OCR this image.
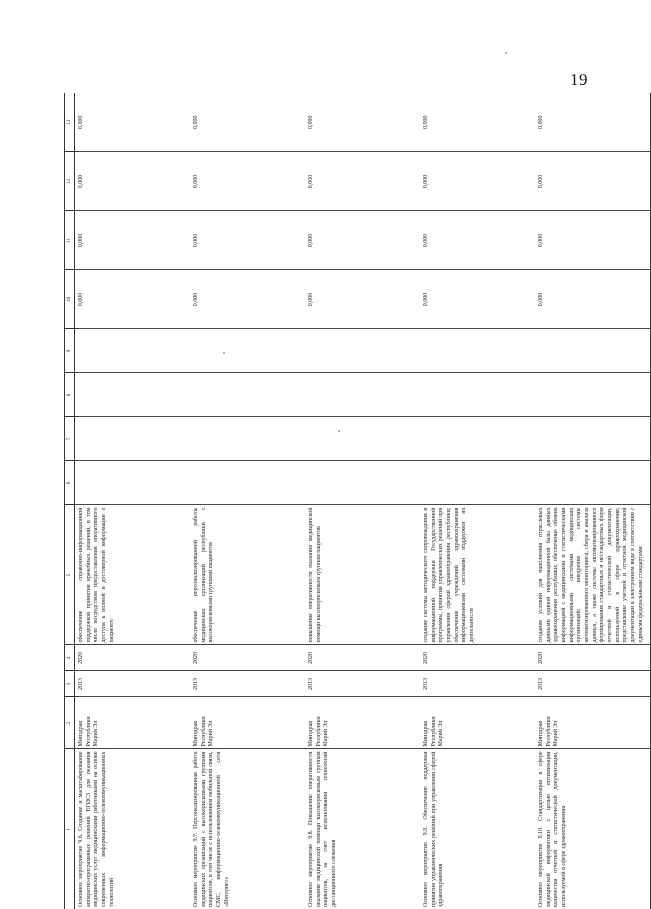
19
1	2	3	4	5	6	7	8	9	10	11	12	13
Основное мероприятие 9.6. Создание и масштабирование аппаратно-программных решений ЕГИСЗ для оказания медицинских услуг медицинскими работниками на основе современных информационно-телекоммуникационных технологий	Минздрав Республики Марий Эл	2013	2020	обеспечение справочно-информационной поддержкой принятия врачебных решений, в том числе посредством предоставления оперативного доступа к полной и достоверной информации о пациенте					0,000	0,000	0,000	0,000
Основное мероприятие 9.7. Персонализированная работа медицинских организаций с высокорисковыми группами пациентов, в том числе с использованием мобильной связи, СМС, информационно-телекоммуникационной сети «Интернет»	Минздрав Республики Марий Эл	2013	2020	обеспечение персонализированной работы медицинских организаций республики с высокорисковыми группами пациентов					0,000	0,000	0,000	0,000
Основное мероприятие 9.8. Повышение оперативности оказания медицинской помощи высокорисковым группам пациентов, за счет использования технологий дистанционного слежения	Минздрав Республики Марий Эл	2013	2020	повышение оперативности оказания медицинской помощи высокорисковым группам пациентов					0,000	0,000	0,000	0,000
Основное мероприятие 9.9. Обеспечение поддержки принятия управленческих решений при управлении сферой здравоохранения	Минздрав Республики Марий Эл	2013	2020	создание системы методического сопровождения и информационной поддержки Государственной программы, принятия управленческих решений при управлении сферой здравоохранения республики; обеспечение учреждений здравоохранения информационными системами поддержки их деятельности					0,000	0,000	0,000	0,000
Основное мероприятие 9.10. Стандартизация в сфере медицинской информатики с целью оптимизации количества отчетной и статистической документации, используемой в сфере здравоохранения	Минздрав Республики Марий Эл	2013	2020	создание условий для наполнения отраслевых данными единой информационной базы данных здравоохранения республики; обеспечение обмена информацией с медицинскими и статистическими информационными системами медицинских организаций; внедрение системы автоматизированного мониторинга, сбора и анализа данных, а также системы автоматизированного формирования стандартных и нестандартных форм отчетной и статистической документации, используемой в сфере здравоохранения; представление учетной и отчетной медицинской документации в электронном виде в соответствии с едиными федеральными стандартами					0,000	0,000	0,000	0,000
